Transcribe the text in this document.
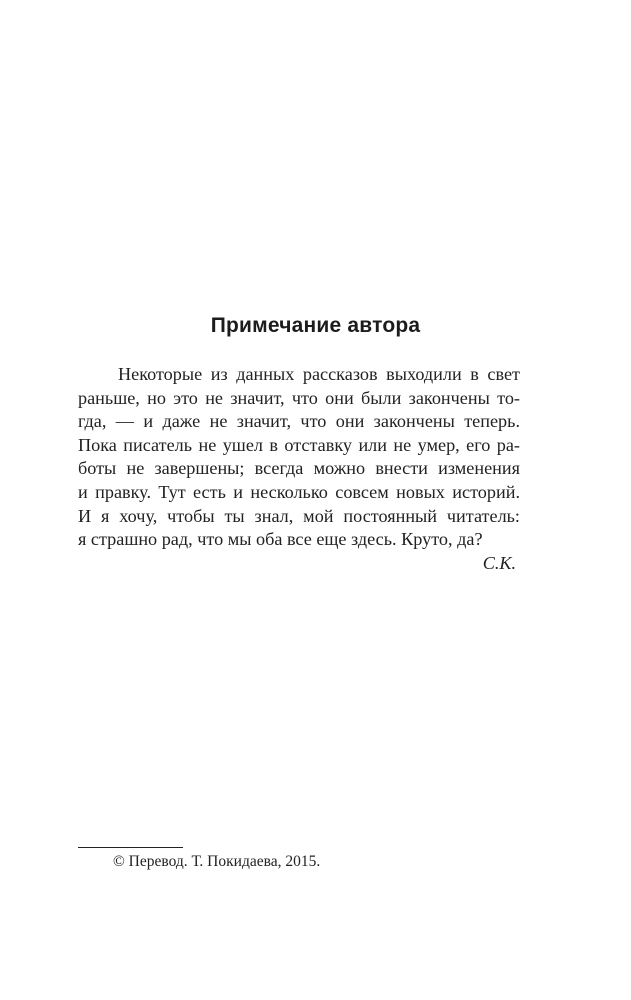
Примечание автора
Некоторые из данных рассказов выходили в свет
раньше, но это не значит, что они были закончены то-
гда, — и даже не значит, что они закончены теперь.
Пока писатель не ушел в отставку или не умер, его ра-
боты не завершены; всегда можно внести изменения
и правку. Тут есть и несколько совсем новых историй.
И я хочу, чтобы ты знал, мой постоянный читатель:
я страшно рад, что мы оба все еще здесь. Круто, да?
С.К.
© Перевод. Т. Покидаева, 2015.
